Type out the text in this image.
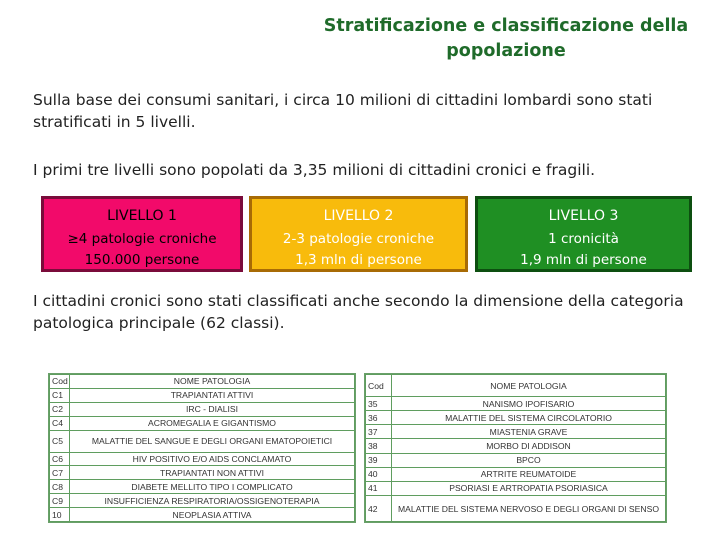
Stratificazione e classificazione della
popolazione
Sulla base dei consumi sanitari, i circa 10 milioni di cittadini lombardi sono stati stratificati in 5 livelli.
I primi tre livelli sono popolati da 3,35 milioni di cittadini cronici e fragili.
LIVELLO 1
≥4 patologie croniche
150.000 persone
LIVELLO 2
2-3 patologie croniche
1,3 mln di persone
LIVELLO 3
1 cronicità
1,9 mln di persone
I cittadini cronici sono stati classificati anche secondo la dimensione della categoria patologica principale (62 classi).
Cod	NOME PATOLOGIA
C1	TRAPIANTATI ATTIVI
C2	IRC - DIALISI
C4	ACROMEGALIA E GIGANTISMO
C5	MALATTIE DEL SANGUE E DEGLI ORGANI EMATOPOIETICI
C6	HIV POSITIVO E/O AIDS CONCLAMATO
C7	TRAPIANTATI NON ATTIVI
C8	DIABETE MELLITO TIPO I COMPLICATO
C9	INSUFFICIENZA RESPIRATORIA/OSSIGENOTERAPIA
10	NEOPLASIA ATTIVA
Cod	NOME PATOLOGIA
35	NANISMO IPOFISARIO
36	MALATTIE DEL SISTEMA CIRCOLATORIO
37	MIASTENIA GRAVE
38	MORBO DI ADDISON
39	BPCO
40	ARTRITE REUMATOIDE
41	PSORIASI E ARTROPATIA PSORIASICA
42	MALATTIE DEL SISTEMA NERVOSO E DEGLI ORGANI DI SENSO
